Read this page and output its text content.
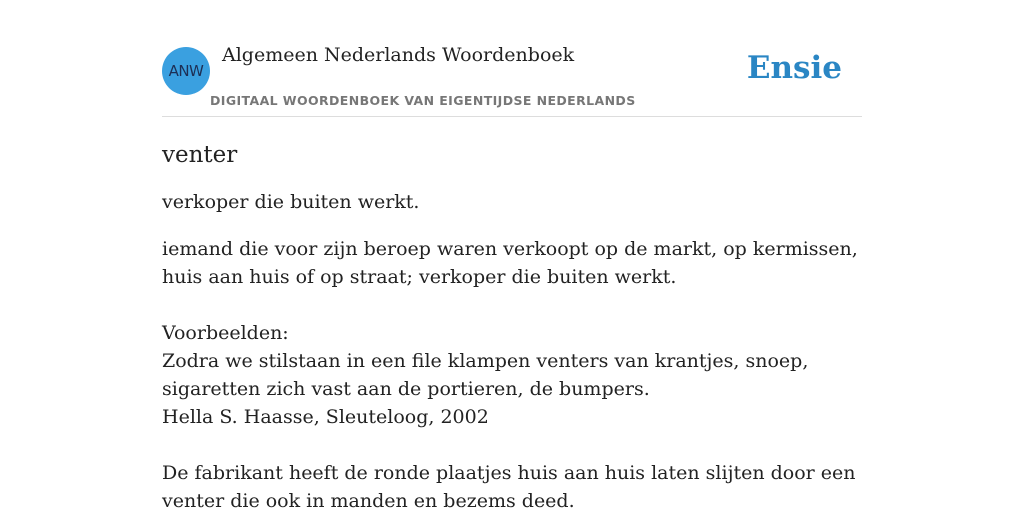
ANW
Algemeen Nederlands Woordenboek
DIGITAAL WOORDENBOEK VAN EIGENTIJDSE NEDERLANDS
Ensie
venter

verkoper die buiten werkt.

iemand die voor zijn beroep waren verkoopt op de markt, op kermissen, huis aan huis of op straat; verkoper die buiten werkt.

Voorbeelden:
Zodra we stilstaan in een file klampen venters van krantjes, snoep, sigaretten zich vast aan de portieren, de bumpers.
Hella S. Haasse, Sleuteloog, 2002
De fabrikant heeft de ronde plaatjes huis aan huis laten slijten door een venter die ook in manden en bezems deed.
